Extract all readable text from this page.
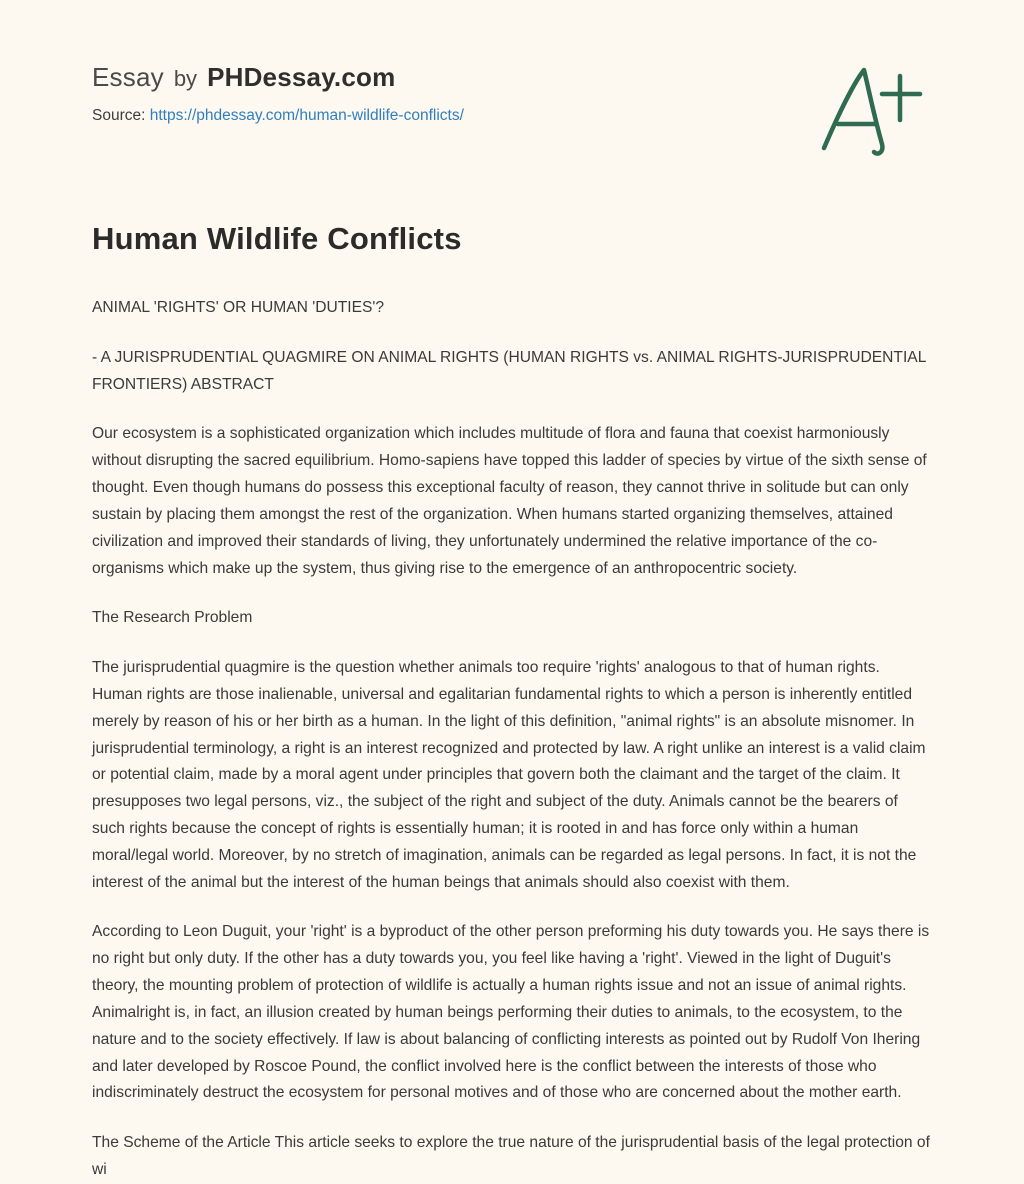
Essay by PHDessay.com
Source: https://phdessay.com/human-wildlife-conflicts/
Human Wildlife Conflicts

ANIMAL 'RIGHTS' OR HUMAN 'DUTIES'?

- A JURISPRUDENTIAL QUAGMIRE ON ANIMAL RIGHTS (HUMAN RIGHTS vs. ANIMAL RIGHTS-JURISPRUDENTIAL FRONTIERS) ABSTRACT

Our ecosystem is a sophisticated organization which includes multitude of flora and fauna that coexist harmoniously without disrupting the sacred equilibrium. Homo-sapiens have topped this ladder of species by virtue of the sixth sense of thought. Even though humans do possess this exceptional faculty of reason, they cannot thrive in solitude but can only sustain by placing them amongst the rest of the organization. When humans started organizing themselves, attained civilization and improved their standards of living, they unfortunately undermined the relative importance of the co-organisms which make up the system, thus giving rise to the emergence of an anthropocentric society.

The Research Problem

The jurisprudential quagmire is the question whether animals too require 'rights' analogous to that of human rights. Human rights are those inalienable, universal and egalitarian fundamental rights to which a person is inherently entitled merely by reason of his or her birth as a human. In the light of this definition, "animal rights" is an absolute misnomer. In jurisprudential terminology, a right is an interest recognized and protected by law. A right unlike an interest is a valid claim or potential claim, made by a moral agent under principles that govern both the claimant and the target of the claim. It presupposes two legal persons, viz., the subject of the right and subject of the duty. Animals cannot be the bearers of such rights because the concept of rights is essentially human; it is rooted in and has force only within a human moral/legal world. Moreover, by no stretch of imagination, animals can be regarded as legal persons. In fact, it is not the interest of the animal but the interest of the human beings that animals should also coexist with them.

According to Leon Duguit, your 'right' is a byproduct of the other person preforming his duty towards you. He says there is no right but only duty. If the other has a duty towards you, you feel like having a 'right'. Viewed in the light of Duguit's theory, the mounting problem of protection of wildlife is actually a human rights issue and not an issue of animal rights. Animalright is, in fact, an illusion created by human beings performing their duties to animals, to the ecosystem, to the nature and to the society effectively. If law is about balancing of conflicting interests as pointed out by Rudolf Von Ihering and later developed by Roscoe Pound, the conflict involved here is the conflict between the interests of those who indiscriminately destruct the ecosystem for personal motives and of those who are concerned about the mother earth.

The Scheme of the Article This article seeks to explore the true nature of the jurisprudential basis of the legal protection of wi
